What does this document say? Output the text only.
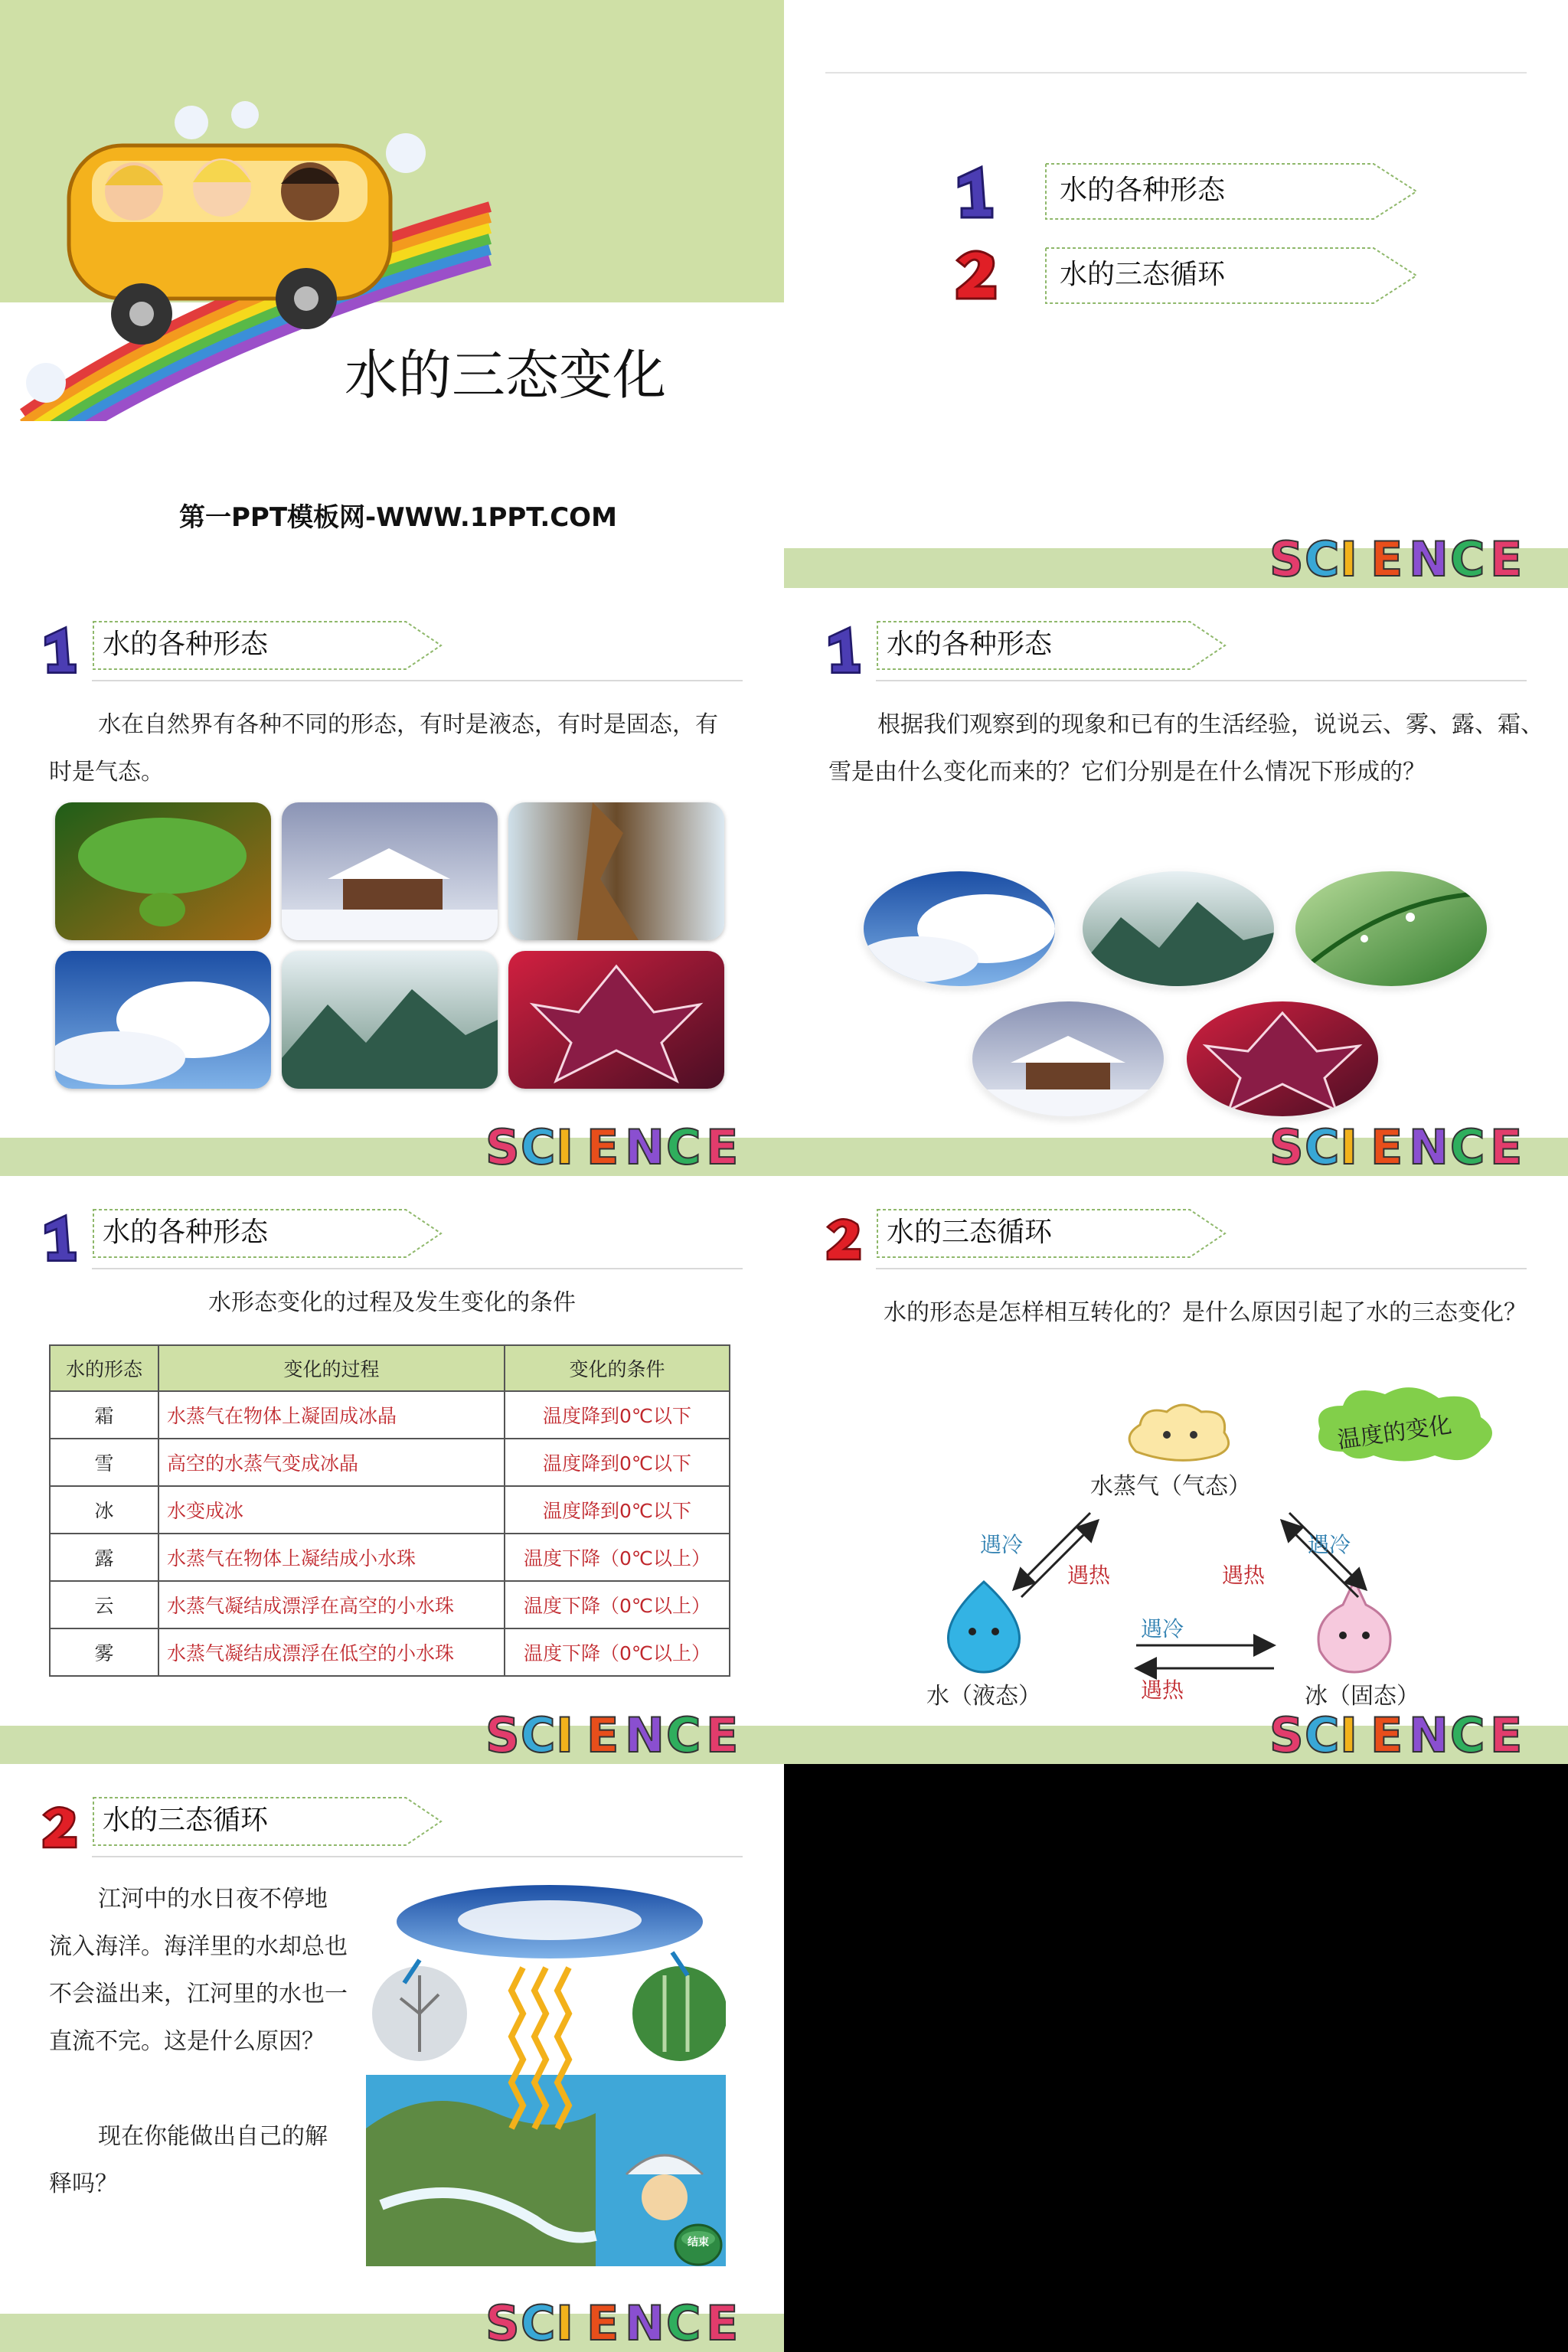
水的三态变化
第一PPT模板网-WWW.1PPT.COM
水的各种形态
水的三态循环
S C I E N C E
水的各种形态
水在自然界有各种不同的形态，有时是液态，有时是固态，有时是气态。
S C I E N C E
水的各种形态
根据我们观察到的现象和已有的生活经验，说说云、雾、露、霜、雪是由什么变化而来的？它们分别是在什么情况下形成的？
S C I E N C E
水的各种形态
水形态变化的过程及发生变化的条件
水的形态	变化的过程	变化的条件
霜	水蒸气在物体上凝固成冰晶	温度降到0℃以下
雪	高空的水蒸气变成冰晶	温度降到0℃以下
冰	水变成冰	温度降到0℃以下
露	水蒸气在物体上凝结成小水珠	温度下降（0℃以上）
云	水蒸气凝结成漂浮在高空的小水珠	温度下降（0℃以上）
雾	水蒸气凝结成漂浮在低空的小水珠	温度下降（0℃以上）
S C I E N C E
水的三态循环
水的形态是怎样相互转化的？是什么原因引起了水的三态变化？
温度的变化
水蒸气（气态）
水（液态）	冰（固态）
遇冷
遇热	遇热
遇冷
遇冷
遇热
S C I E N C E
水的三态循环
江河中的水日夜不停地流入海洋。海洋里的水却总也不会溢出来，江河里的水也一直流不完。这是什么原因？
现在你能做出自己的解释吗？
结束
S C I E N C E
